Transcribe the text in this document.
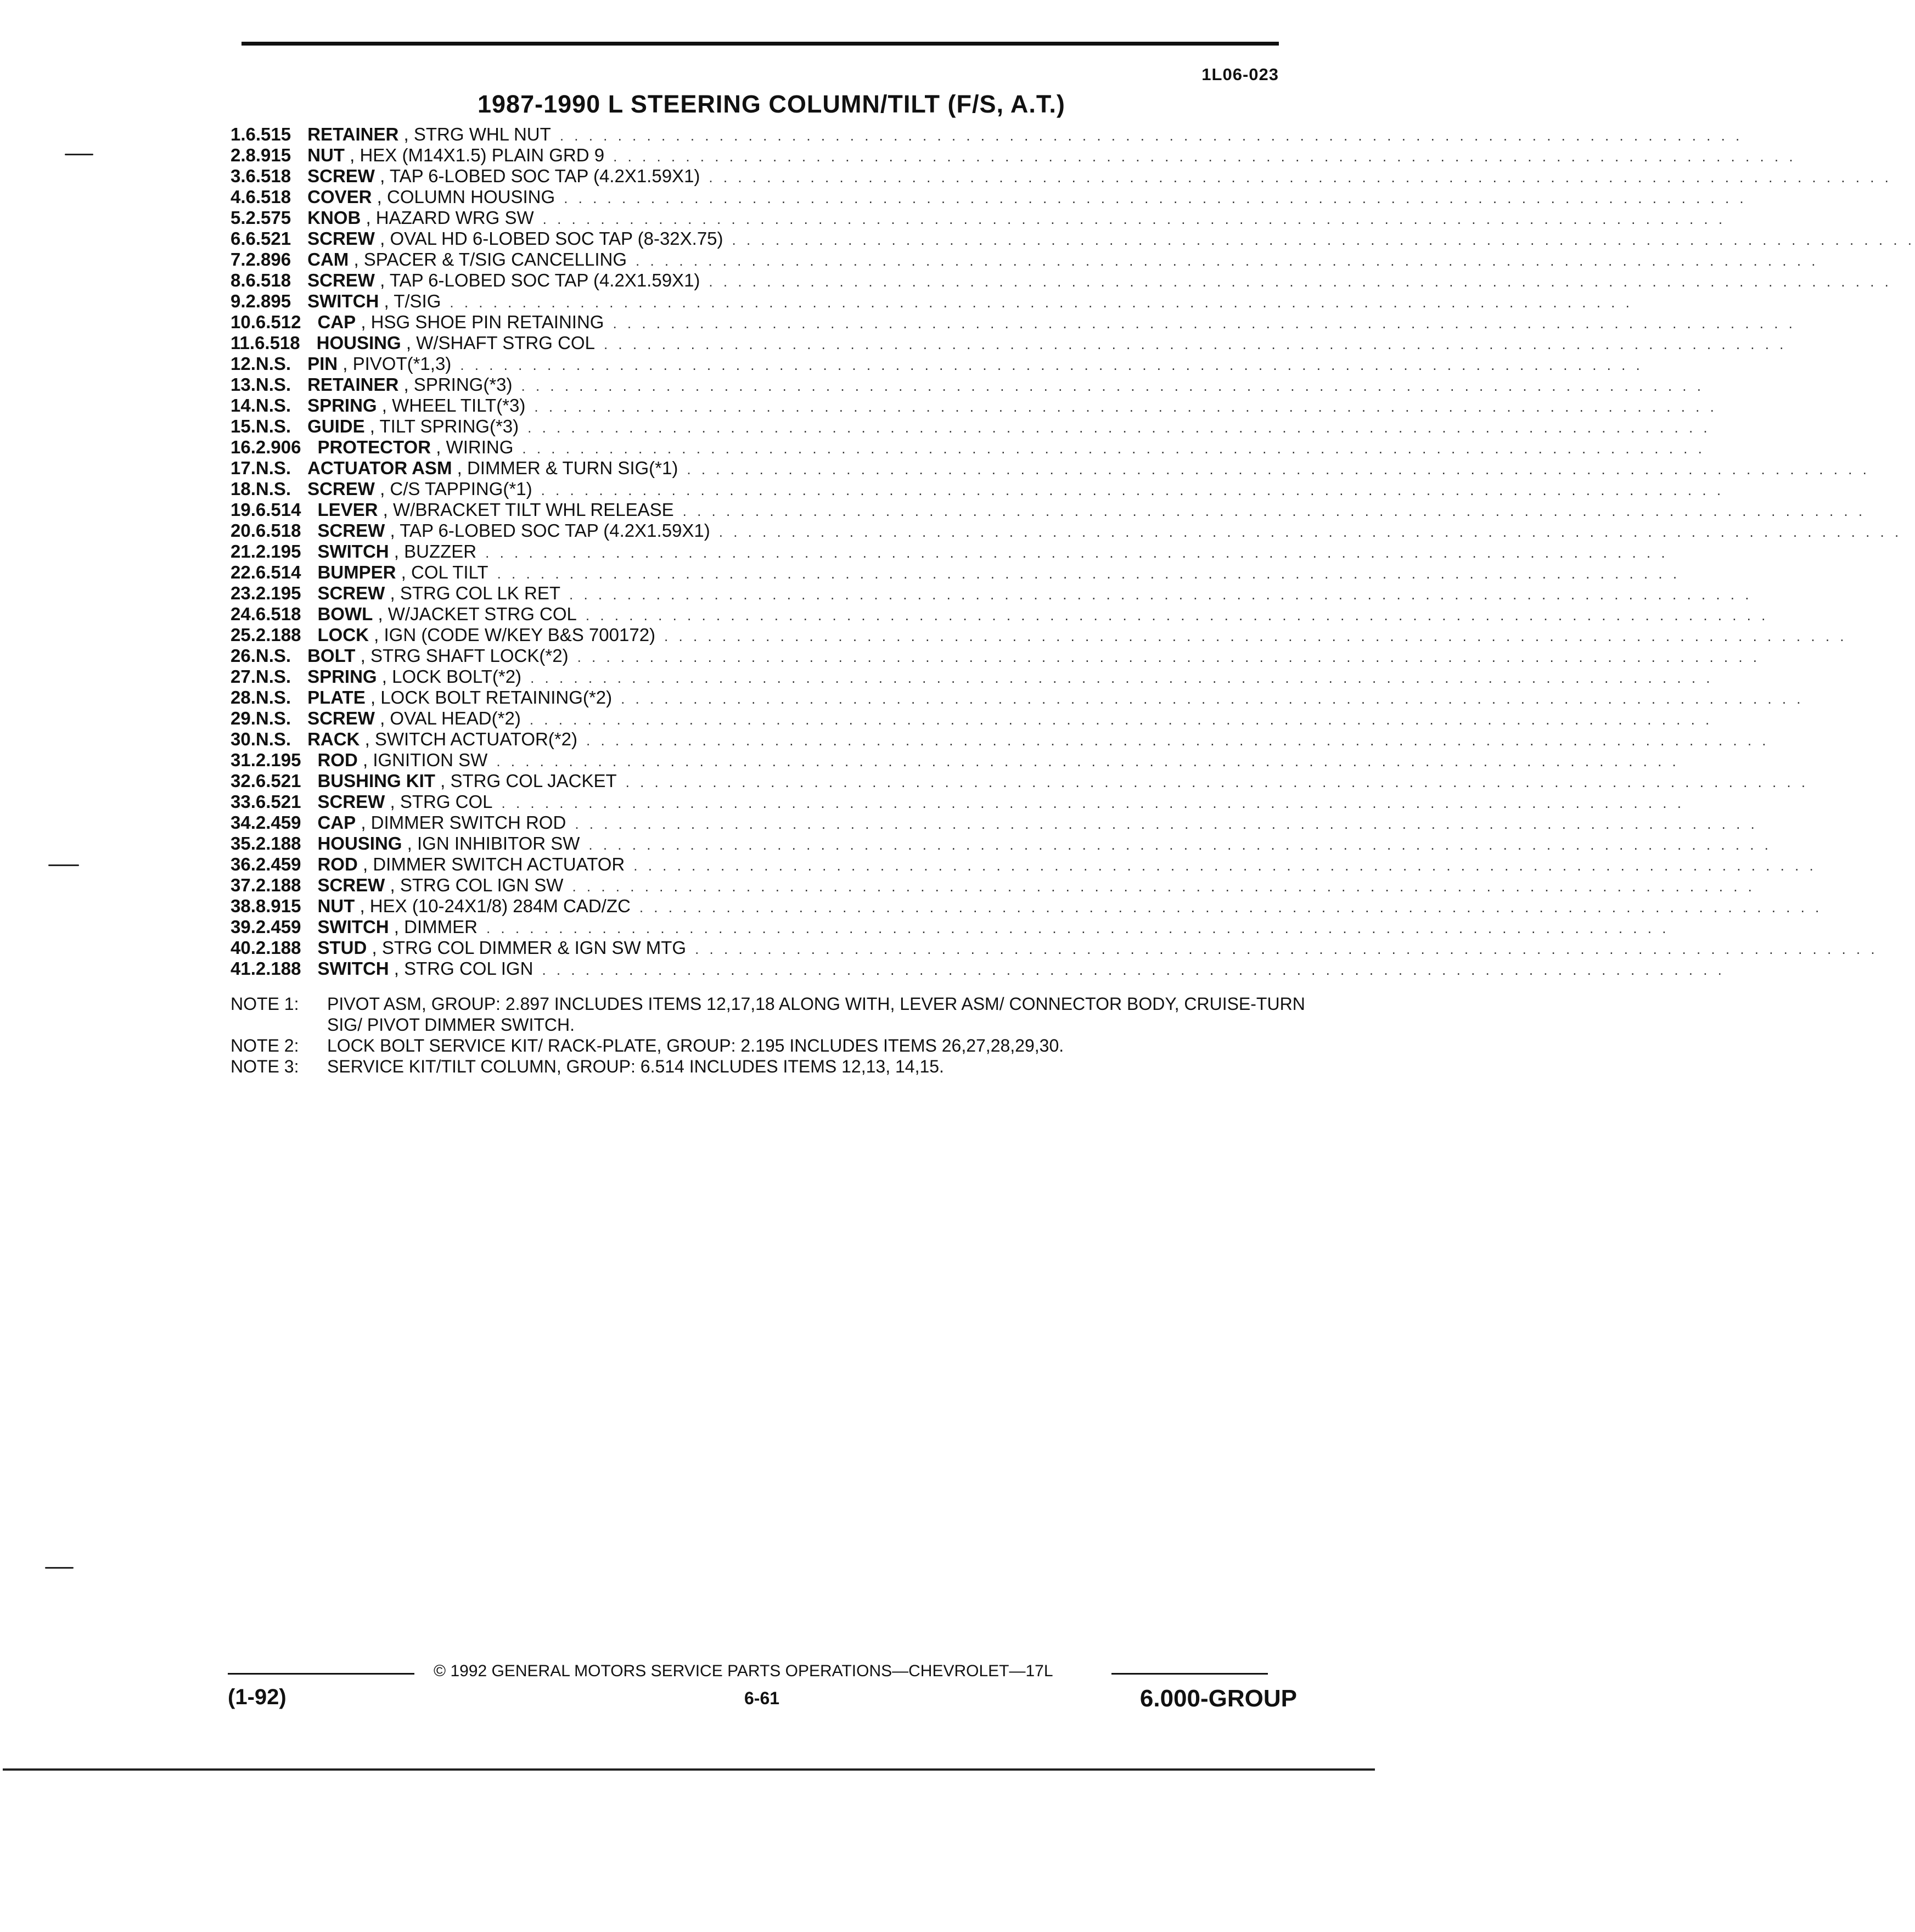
1L06-023
1987-1990 L STEERING COLUMN/TILT (F/S, A.T.)
1. 6.515 RETAINER , STRG WHL NUT . . . . . . . . . . . . . . . . . . . . . . . . . . . . . . . . . . . . . . . . . . . . . . . . . . . . . . . . . . . . . . . . . . . . . . . . . . . . . . . . . .
2. 8.915 NUT , HEX (M14X1.5) PLAIN GRD 9 . . . . . . . . . . . . . . . . . . . . . . . . . . . . . . . . . . . . . . . . . . . . . . . . . . . . . . . . . . . . . . . . . . . . . . . . . . . . . . . . . .
3. 6.518 SCREW , TAP 6-LOBED SOC TAP (4.2X1.59X1) . . . . . . . . . . . . . . . . . . . . . . . . . . . . . . . . . . . . . . . . . . . . . . . . . . . . . . . . . . . . . . . . . . . . . . . . . . . . . . . . . .
4. 6.518 COVER , COLUMN HOUSING . . . . . . . . . . . . . . . . . . . . . . . . . . . . . . . . . . . . . . . . . . . . . . . . . . . . . . . . . . . . . . . . . . . . . . . . . . . . . . . . . .
5. 2.575 KNOB , HAZARD WRG SW . . . . . . . . . . . . . . . . . . . . . . . . . . . . . . . . . . . . . . . . . . . . . . . . . . . . . . . . . . . . . . . . . . . . . . . . . . . . . . . . . .
6. 6.521 SCREW , OVAL HD 6-LOBED SOC TAP (8-32X.75) . . . . . . . . . . . . . . . . . . . . . . . . . . . . . . . . . . . . . . . . . . . . . . . . . . . . . . . . . . . . . . . . . . . . . . . . . . . . . . . . . .
7. 2.896 CAM , SPACER & T/SIG CANCELLING . . . . . . . . . . . . . . . . . . . . . . . . . . . . . . . . . . . . . . . . . . . . . . . . . . . . . . . . . . . . . . . . . . . . . . . . . . . . . . . . . .
8. 6.518 SCREW , TAP 6-LOBED SOC TAP (4.2X1.59X1) . . . . . . . . . . . . . . . . . . . . . . . . . . . . . . . . . . . . . . . . . . . . . . . . . . . . . . . . . . . . . . . . . . . . . . . . . . . . . . . . . .
9. 2.895 SWITCH , T/SIG . . . . . . . . . . . . . . . . . . . . . . . . . . . . . . . . . . . . . . . . . . . . . . . . . . . . . . . . . . . . . . . . . . . . . . . . . . . . . . . . . .
10. 6.512 CAP , HSG SHOE PIN RETAINING . . . . . . . . . . . . . . . . . . . . . . . . . . . . . . . . . . . . . . . . . . . . . . . . . . . . . . . . . . . . . . . . . . . . . . . . . . . . . . . . . .
11. 6.518 HOUSING , W/SHAFT STRG COL . . . . . . . . . . . . . . . . . . . . . . . . . . . . . . . . . . . . . . . . . . . . . . . . . . . . . . . . . . . . . . . . . . . . . . . . . . . . . . . . . .
12. N.S. PIN , PIVOT(*1,3) . . . . . . . . . . . . . . . . . . . . . . . . . . . . . . . . . . . . . . . . . . . . . . . . . . . . . . . . . . . . . . . . . . . . . . . . . . . . . . . . . .
13. N.S. RETAINER , SPRING(*3) . . . . . . . . . . . . . . . . . . . . . . . . . . . . . . . . . . . . . . . . . . . . . . . . . . . . . . . . . . . . . . . . . . . . . . . . . . . . . . . . . .
14. N.S. SPRING , WHEEL TILT(*3) . . . . . . . . . . . . . . . . . . . . . . . . . . . . . . . . . . . . . . . . . . . . . . . . . . . . . . . . . . . . . . . . . . . . . . . . . . . . . . . . . .
15. N.S. GUIDE , TILT SPRING(*3) . . . . . . . . . . . . . . . . . . . . . . . . . . . . . . . . . . . . . . . . . . . . . . . . . . . . . . . . . . . . . . . . . . . . . . . . . . . . . . . . . .
16. 2.906 PROTECTOR , WIRING . . . . . . . . . . . . . . . . . . . . . . . . . . . . . . . . . . . . . . . . . . . . . . . . . . . . . . . . . . . . . . . . . . . . . . . . . . . . . . . . . .
17. N.S. ACTUATOR ASM , DIMMER & TURN SIG(*1) . . . . . . . . . . . . . . . . . . . . . . . . . . . . . . . . . . . . . . . . . . . . . . . . . . . . . . . . . . . . . . . . . . . . . . . . . . . . . . . . . .
18. N.S. SCREW , C/S TAPPING(*1) . . . . . . . . . . . . . . . . . . . . . . . . . . . . . . . . . . . . . . . . . . . . . . . . . . . . . . . . . . . . . . . . . . . . . . . . . . . . . . . . . .
19. 6.514 LEVER , W/BRACKET TILT WHL RELEASE . . . . . . . . . . . . . . . . . . . . . . . . . . . . . . . . . . . . . . . . . . . . . . . . . . . . . . . . . . . . . . . . . . . . . . . . . . . . . . . . . .
20. 6.518 SCREW , TAP 6-LOBED SOC TAP (4.2X1.59X1) . . . . . . . . . . . . . . . . . . . . . . . . . . . . . . . . . . . . . . . . . . . . . . . . . . . . . . . . . . . . . . . . . . . . . . . . . . . . . . . . . .
21. 2.195 SWITCH , BUZZER . . . . . . . . . . . . . . . . . . . . . . . . . . . . . . . . . . . . . . . . . . . . . . . . . . . . . . . . . . . . . . . . . . . . . . . . . . . . . . . . . .
22. 6.514 BUMPER , COL TILT . . . . . . . . . . . . . . . . . . . . . . . . . . . . . . . . . . . . . . . . . . . . . . . . . . . . . . . . . . . . . . . . . . . . . . . . . . . . . . . . . .
23. 2.195 SCREW , STRG COL LK RET . . . . . . . . . . . . . . . . . . . . . . . . . . . . . . . . . . . . . . . . . . . . . . . . . . . . . . . . . . . . . . . . . . . . . . . . . . . . . . . . . .
24. 6.518 BOWL , W/JACKET STRG COL . . . . . . . . . . . . . . . . . . . . . . . . . . . . . . . . . . . . . . . . . . . . . . . . . . . . . . . . . . . . . . . . . . . . . . . . . . . . . . . . . .
25. 2.188 LOCK , IGN (CODE W/KEY B&S 700172) . . . . . . . . . . . . . . . . . . . . . . . . . . . . . . . . . . . . . . . . . . . . . . . . . . . . . . . . . . . . . . . . . . . . . . . . . . . . . . . . . .
26. N.S. BOLT , STRG SHAFT LOCK(*2) . . . . . . . . . . . . . . . . . . . . . . . . . . . . . . . . . . . . . . . . . . . . . . . . . . . . . . . . . . . . . . . . . . . . . . . . . . . . . . . . . .
27. N.S. SPRING , LOCK BOLT(*2) . . . . . . . . . . . . . . . . . . . . . . . . . . . . . . . . . . . . . . . . . . . . . . . . . . . . . . . . . . . . . . . . . . . . . . . . . . . . . . . . . .
28. N.S. PLATE , LOCK BOLT RETAINING(*2) . . . . . . . . . . . . . . . . . . . . . . . . . . . . . . . . . . . . . . . . . . . . . . . . . . . . . . . . . . . . . . . . . . . . . . . . . . . . . . . . . .
29. N.S. SCREW , OVAL HEAD(*2) . . . . . . . . . . . . . . . . . . . . . . . . . . . . . . . . . . . . . . . . . . . . . . . . . . . . . . . . . . . . . . . . . . . . . . . . . . . . . . . . . .
30. N.S. RACK , SWITCH ACTUATOR(*2) . . . . . . . . . . . . . . . . . . . . . . . . . . . . . . . . . . . . . . . . . . . . . . . . . . . . . . . . . . . . . . . . . . . . . . . . . . . . . . . . . .
31. 2.195 ROD , IGNITION SW . . . . . . . . . . . . . . . . . . . . . . . . . . . . . . . . . . . . . . . . . . . . . . . . . . . . . . . . . . . . . . . . . . . . . . . . . . . . . . . . . .
32. 6.521 BUSHING KIT , STRG COL JACKET . . . . . . . . . . . . . . . . . . . . . . . . . . . . . . . . . . . . . . . . . . . . . . . . . . . . . . . . . . . . . . . . . . . . . . . . . . . . . . . . . .
33. 6.521 SCREW , STRG COL . . . . . . . . . . . . . . . . . . . . . . . . . . . . . . . . . . . . . . . . . . . . . . . . . . . . . . . . . . . . . . . . . . . . . . . . . . . . . . . . . .
34. 2.459 CAP , DIMMER SWITCH ROD . . . . . . . . . . . . . . . . . . . . . . . . . . . . . . . . . . . . . . . . . . . . . . . . . . . . . . . . . . . . . . . . . . . . . . . . . . . . . . . . . .
35. 2.188 HOUSING , IGN INHIBITOR SW . . . . . . . . . . . . . . . . . . . . . . . . . . . . . . . . . . . . . . . . . . . . . . . . . . . . . . . . . . . . . . . . . . . . . . . . . . . . . . . . . .
36. 2.459 ROD , DIMMER SWITCH ACTUATOR . . . . . . . . . . . . . . . . . . . . . . . . . . . . . . . . . . . . . . . . . . . . . . . . . . . . . . . . . . . . . . . . . . . . . . . . . . . . . . . . . .
37. 2.188 SCREW , STRG COL IGN SW . . . . . . . . . . . . . . . . . . . . . . . . . . . . . . . . . . . . . . . . . . . . . . . . . . . . . . . . . . . . . . . . . . . . . . . . . . . . . . . . . .
38. 8.915 NUT , HEX (10-24X1/8) 284M CAD/ZC . . . . . . . . . . . . . . . . . . . . . . . . . . . . . . . . . . . . . . . . . . . . . . . . . . . . . . . . . . . . . . . . . . . . . . . . . . . . . . . . . .
39. 2.459 SWITCH , DIMMER . . . . . . . . . . . . . . . . . . . . . . . . . . . . . . . . . . . . . . . . . . . . . . . . . . . . . . . . . . . . . . . . . . . . . . . . . . . . . . . . . .
40. 2.188 STUD , STRG COL DIMMER & IGN SW MTG . . . . . . . . . . . . . . . . . . . . . . . . . . . . . . . . . . . . . . . . . . . . . . . . . . . . . . . . . . . . . . . . . . . . . . . . . . . . . . . . . .
41. 2.188 SWITCH , STRG COL IGN . . . . . . . . . . . . . . . . . . . . . . . . . . . . . . . . . . . . . . . . . . . . . . . . . . . . . . . . . . . . . . . . . . . . . . . . . . . . . . . . . .
NOTE 1:	PIVOT ASM, GROUP: 2.897 INCLUDES ITEMS 12,17,18 ALONG WITH, LEVER ASM/ CONNECTOR BODY, CRUISE-TURN SIG/ PIVOT DIMMER SWITCH.
NOTE 2:	LOCK BOLT SERVICE KIT/ RACK-PLATE, GROUP: 2.195 INCLUDES ITEMS 26,27,28,29,30.
NOTE 3:	SERVICE KIT/TILT COLUMN, GROUP: 6.514 INCLUDES ITEMS 12,13, 14,15.
© 1992 GENERAL MOTORS SERVICE PARTS OPERATIONS—CHEVROLET—17L
(1-92)	6-61	6.000-GROUP
